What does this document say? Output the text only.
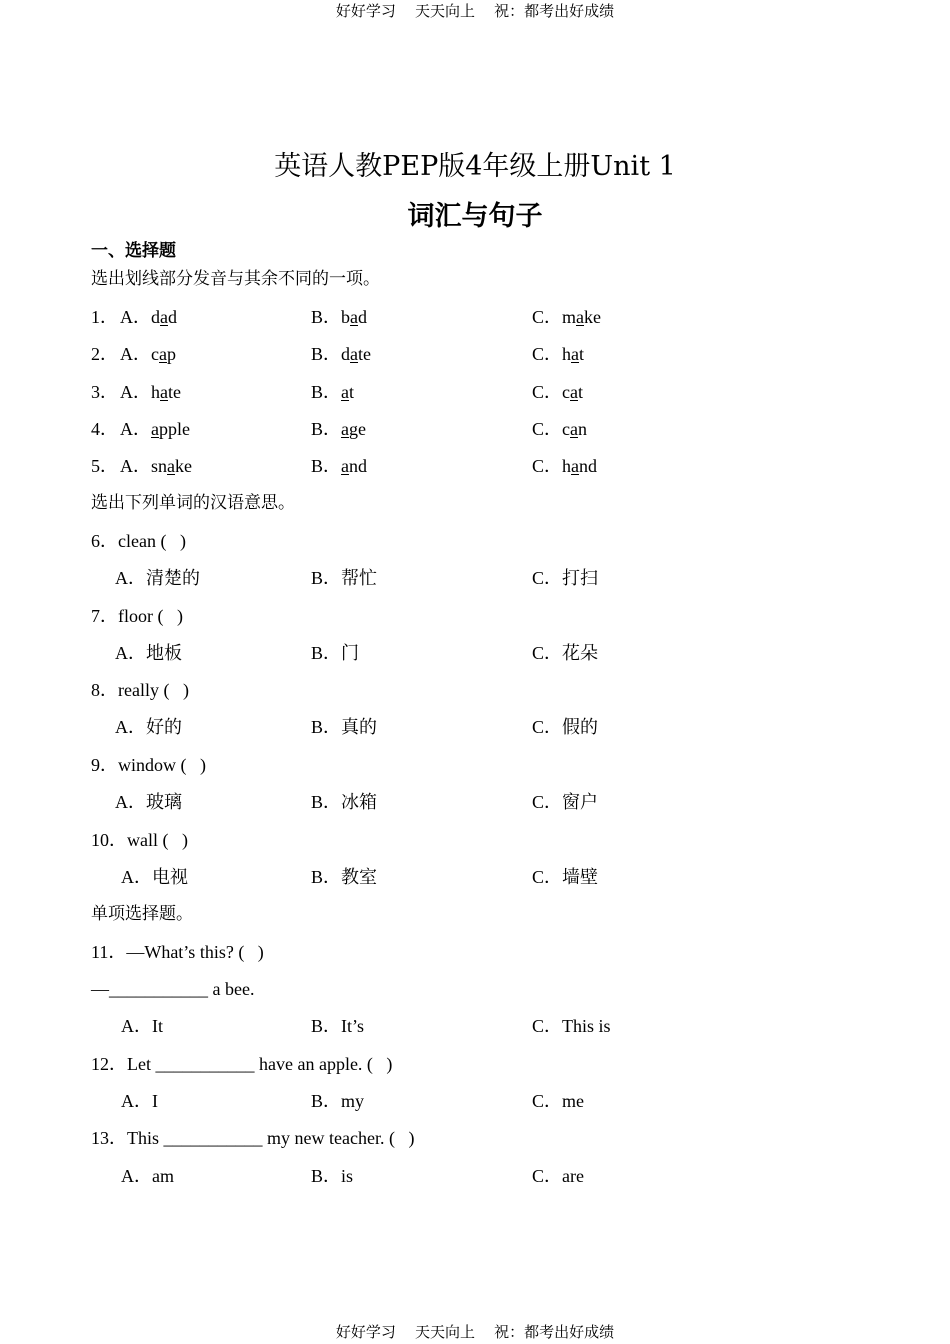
好好学习    天天向上    祝：都考出好成绩
英语人教PEP版4年级上册Unit 1
词汇与句子
一、选择题
选出划线部分发音与其余不同的一项。
1． A．dad	B．bad	C．make
2． A．cap	B．date	C．hat
3． A．hate	B．at	C．cat
4． A．apple	B．age	C．can
5． A．snake	B．and	C．hand
选出下列单词的汉语意思。
6．clean (   )
A．清楚的	B．帮忙	C．打扫
7．floor (   )
A．地板	B．门	C．花朵
8．really (   )
A．好的	B．真的	C．假的
9．window (   )
A．玻璃	B．冰箱	C．窗户
10．wall (   )
A．电视	B．教室	C．墙壁
单项选择题。
11．—What’s this? (   )
—___________ a bee.
A．It	B．It’s	C．This is
12．Let ___________ have an apple. (   )
A．I	B．my	C．me
13．This ___________ my new teacher. (   )
A．am	B．is	C．are
好好学习    天天向上    祝：都考出好成绩
